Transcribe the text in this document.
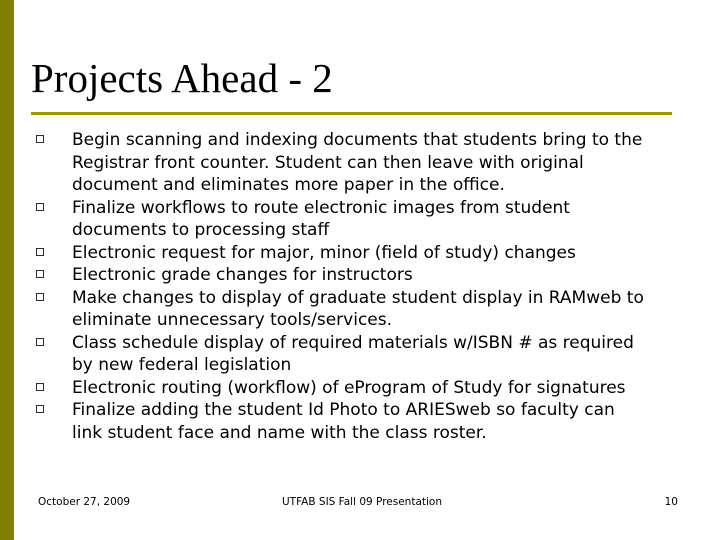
Projects Ahead - 2
Begin scanning and indexing documents that students bring to the
Registrar front counter. Student can then leave with original
document and eliminates more paper in the office.
Finalize workflows to route electronic images from student
documents to processing staff
Electronic request for major, minor (field of study) changes
Electronic grade changes for instructors
Make changes to display of graduate student display in RAMweb to
eliminate unnecessary tools/services.
Class schedule display of required materials w/ISBN # as required
by new federal legislation
Electronic routing (workflow) of eProgram of Study for signatures
Finalize adding the student Id Photo to ARIESweb so faculty can
link student face and name with the class roster.
October 27, 2009	UTFAB SIS Fall 09 Presentation	10
